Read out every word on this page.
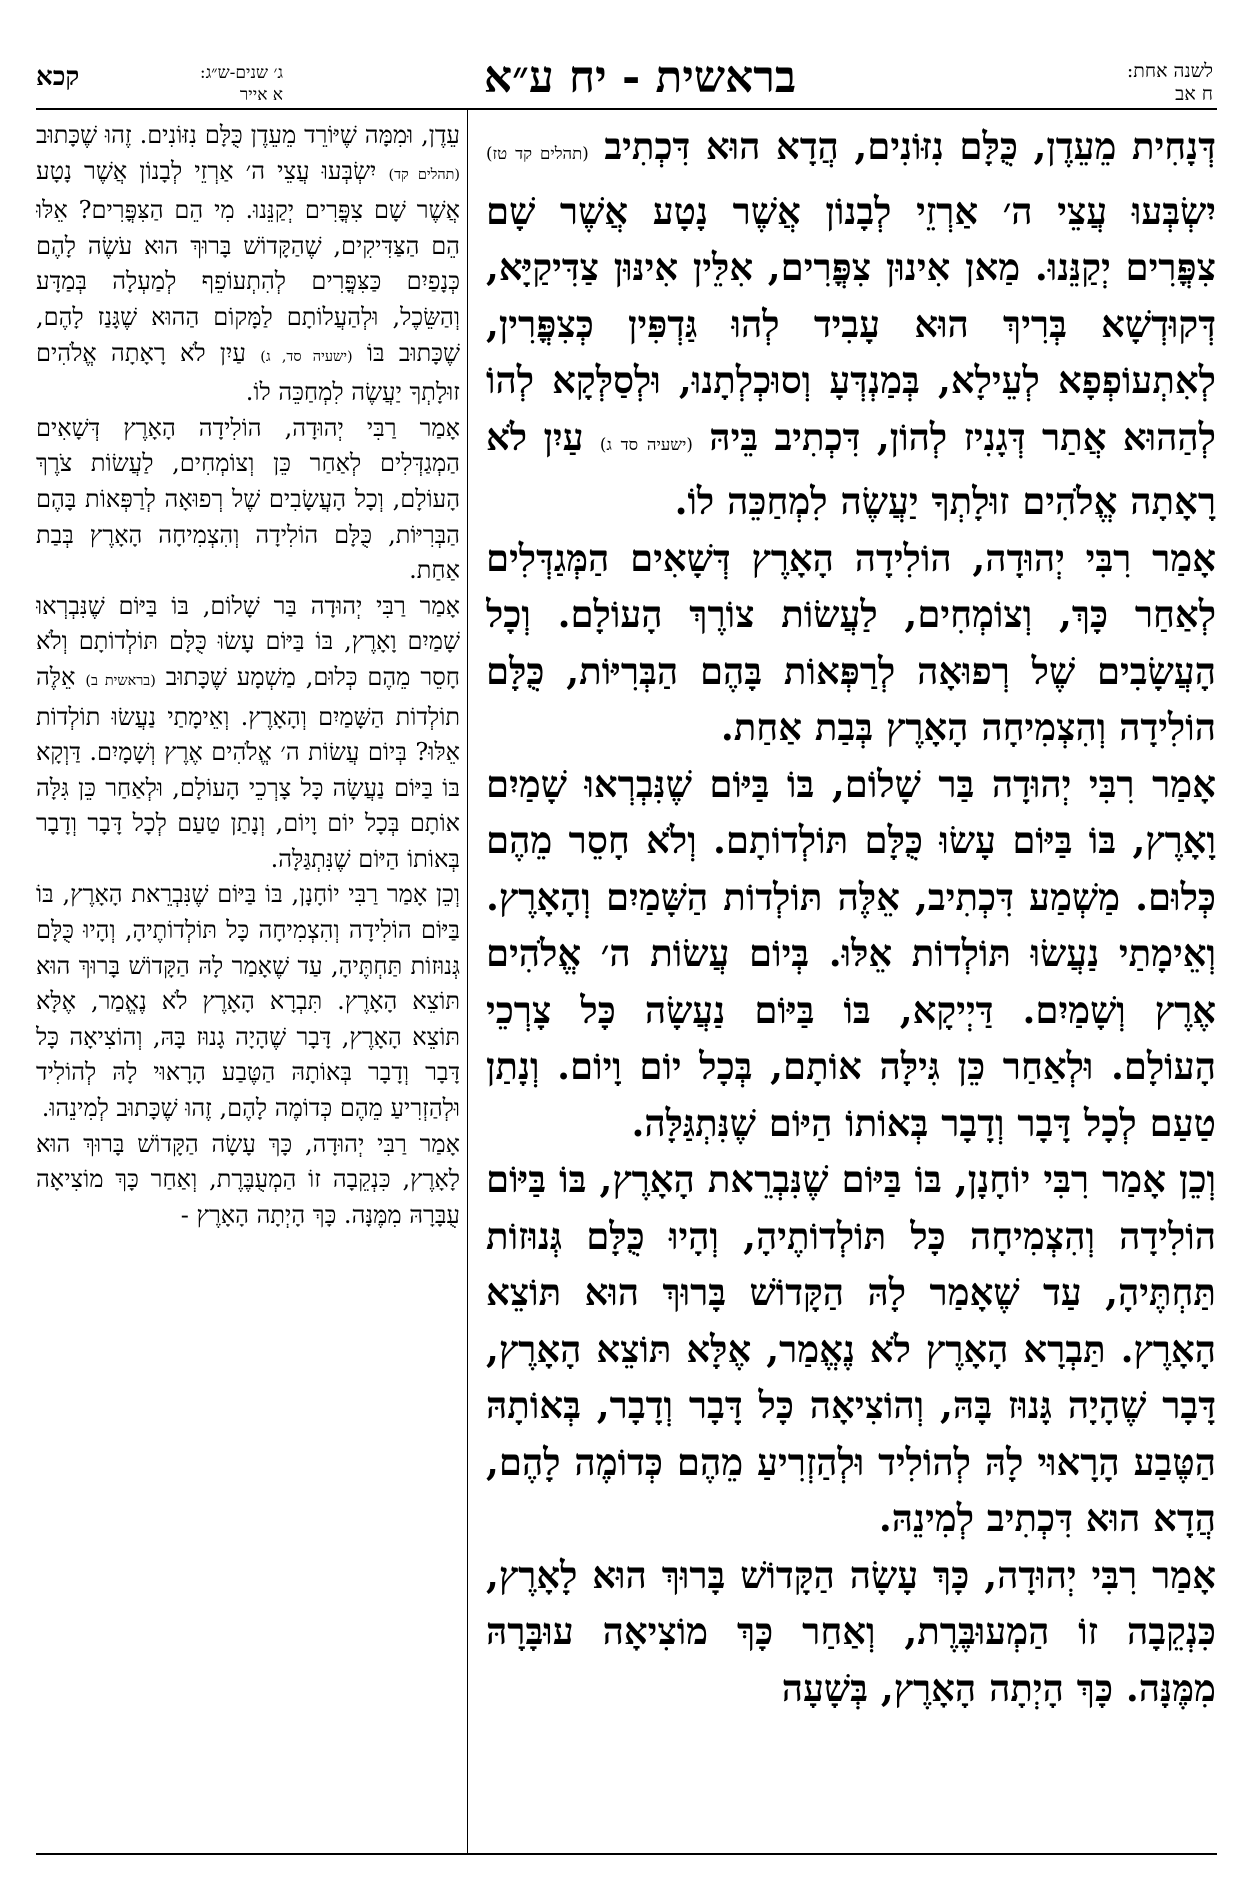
קכא	ג׳ שנים-ש״ג:
א אייר	בראשית - יח ע״א	לשנה אחת:
ח אב

דְּנָחִית מֵעֵדֶן, כֻּלָּם נִזּוֹנִים, הֲדָא הוּא דִּכְתִיב (תהלים קד טז) יִשְׂבְּעוּ עֲצֵי ה׳ אַרְזֵי לְבָנוֹן אֲשֶׁר נָטָע אֲשֶׁר שָׁם צִפֳּרִים יְקַנֵּנוּ. מַאן אִינוּן צִפֳּרִים, אִלֵּין אִינּוּן צַדִּיקַיָּא, דְּקוּדְשָׁא בְּרִיךְ הוּא עָבִיד לְהוּ גַּדְפִּין כְּצִפֳּרִין, לְאִתְעוֹפְפָא לְעֵילָא, בְּמַנְדְּעָ וְסוּכְלְתָנוּ, וּלְסַלְּקָא לְהוֹ לְהַהוּא אֲתַר דְּגָנִיז לְהוֹן, דִּכְתִיב בֵּיהּ (ישעיה סד ג) עַיִן לֹא רָאָתָה אֱלֹהִים זוּלָתְךָ יַעֲשֶׂה לִמְחַכֵּה לוֹ.

אָמַר רִבִּי יְהוּדָה, הוֹלִידָה הָאָרֶץ דְּשָׁאִים הַמְּגַדְּלִים לְאַחַר כָּךְ, וְצוֹמְחִים, לַעֲשׂוֹת צוֹרֶךְ הָעוֹלָם. וְכָל הָעֲשָׂבִים שֶׁל רְפוּאָה לְרַפְּאוֹת בָּהֶם הַבְּרִיּוֹת, כֻּלָּם הוֹלִידָה וְהִצְמִיחָה הָאָרֶץ בְּבַת אַחַת.

אָמַר רִבִּי יְהוּדָה בַּר שָׁלוֹם, בּוֹ בַּיּוֹם שֶׁנִּבְרְאוּ שָׁמַיִם וָאָרֶץ, בּוֹ בַּיּוֹם עָשׂוּ כֻּלָּם תּוֹלְדוֹתָם. וְלֹא חָסֵר מֵהֶם כְּלוּם. מַשְׁמַע דִּכְתִיב, אֵלֶּה תּוֹלְדוֹת הַשָּׁמַיִם וְהָאָרֶץ. וְאֵימָתַי נַעֲשׂוּ תּוֹלְדוֹת אֵלּוּ. בְּיוֹם עֲשׂוֹת ה׳ אֱלֹהִים אֶרֶץ וְשָׁמַיִם. דַּיְיקָא, בּוֹ בַּיּוֹם נַעֲשָׂה כָּל צָרְכֵי הָעוֹלָם. וּלְאַחַר כֵּן גִּילָּה אוֹתָם, בְּכָל יוֹם וָיוֹם. וְנָתַן טַעַם לְכָל דָּבָר וְדָבָר בְּאוֹתוֹ הַיּוֹם שֶׁנִּתְגַּלָּה.

וְכֵן אָמַר רִבִּי יוֹחָנָן, בּוֹ בַּיּוֹם שֶׁנִּבְרֵאת הָאָרֶץ, בּוֹ בַּיּוֹם הוֹלִידָה וְהִצְמִיחָה כָּל תּוֹלְדוֹתֶיהָ, וְהָיוּ כֻּלָּם גְּנוּזוֹת תַּחְתֶּיהָ, עַד שֶׁאָמַר לָהּ הַקָּדוֹשׁ בָּרוּךְ הוּא תּוֹצֵא הָאָרֶץ. תַּבְרָא הָאָרֶץ לֹא נֶאֱמַר, אֶלָּא תּוֹצֵא הָאָרֶץ, דָּבָר שֶׁהָיָה גָּנוּז בָּהּ, וְהוֹצִיאָה כָּל דָּבָר וְדָבָר, בְּאוֹתָהּ הַטֶּבַע הָרָאוּי לָהּ לְהוֹלִיד וּלְהַזְרִיעַ מֵהֶם כְּדוֹמֶה לָהֶם, הֲדָא הוּא דִּכְתִיב לְמִינֵהּ.

אָמַר רִבִּי יְהוּדָה, כָּךְ עָשָׂה הַקָּדוֹשׁ בָּרוּךְ הוּא לָאָרֶץ, כִּנְקֵבָה זוֹ הַמְעוּבֶּרֶת, וְאַחַר כָּךְ מוֹצִיאָה עוּבָּרָהּ מִמֶּנָּה. כָּךְ הָיְתָה הָאָרֶץ, בְּשָׁעָה

עֵדֶן, וּמִמָּה שֶׁיּוֹרֵד מֵעֵדֶן כֻּלָּם נִזּוֹנִים. זֶהוּ שֶׁכָּתוּב (תהלים קד) יִשְׂבְּעוּ עֲצֵי ה׳ אַרְזֵי לְבָנוֹן אֲשֶׁר נָטָע אֲשֶׁר שָׁם צִפֳּרִים יְקַנֵּנוּ. מִי הֵם הַצִּפֳּרִים? אֵלּוּ הֵם הַצַּדִּיקִים, שֶׁהַקָּדוֹשׁ בָּרוּךְ הוּא עֹשֶׂה לָהֶם כְּנָפַיִם כַּצִּפֳּרִים לְהִתְעוֹפֵף לְמַעְלָה בְּמַדָּע וְהַשֵּׂכֶל, וּלְהַעֲלוֹתָם לַמָּקוֹם הַהוּא שֶׁגָּנַז לָהֶם, שֶׁכָּתוּב בּוֹ (ישעיה סד, ג) עַיִן לֹא רָאָתָה אֱלֹהִים זוּלָתְךָ יַעֲשֶׂה לִמְחַכֵּה לוֹ.

אָמַר רַבִּי יְהוּדָה, הוֹלִידָה הָאָרֶץ דְּשָׁאִים הַמְגַדְּלִים לְאַחַר כֵּן וְצוֹמְחִים, לַעֲשׂוֹת צֹרֶךְ הָעוֹלָם, וְכָל הָעֲשָׂבִים שֶׁל רְפוּאָה לְרַפְּאוֹת בָּהֶם הַבְּרִיּוֹת, כֻּלָּם הוֹלִידָה וְהִצְמִיחָה הָאָרֶץ בְּבַת אַחַת.

אָמַר רַבִּי יְהוּדָה בַּר שָׁלוֹם, בּוֹ בַּיּוֹם שֶׁנִּבְרְאוּ שָׁמַיִם וָאָרֶץ, בּוֹ בַּיּוֹם עָשׂוּ כֻּלָּם תּוֹלְדוֹתָם וְלֹא חָסֵר מֵהֶם כְּלוּם, מַשְׁמָע שֶׁכָּתוּב (בראשית ב) אֵלֶּה תוֹלְדוֹת הַשָּׁמַיִם וְהָאָרֶץ. וְאֵימָתַי נַעֲשׂוּ תוֹלְדוֹת אֵלּוּ? בְּיוֹם עֲשׂוֹת ה׳ אֱלֹהִים אֶרֶץ וְשָׁמָיִם. דַּוְקָא בּוֹ בַּיּוֹם נַעֲשָׂה כָּל צָרְכֵי הָעוֹלָם, וּלְאַחַר כֵּן גִּלָּה אוֹתָם בְּכָל יוֹם וָיוֹם, וְנָתַן טַעַם לְכָל דָּבָר וְדָבָר בְּאוֹתוֹ הַיּוֹם שֶׁנִּתְגַּלָּה.

וְכֵן אָמַר רַבִּי יוֹחָנָן, בּוֹ בַּיּוֹם שֶׁנִּבְרֵאת הָאָרֶץ, בּוֹ בַּיּוֹם הוֹלִידָה וְהִצְמִיחָה כָּל תּוֹלְדוֹתֶיהָ, וְהָיוּ כֻּלָּם גְּנוּזוֹת תַּחְתֶּיהָ, עַד שֶׁאָמַר לָהּ הַקָּדוֹשׁ בָּרוּךְ הוּא תּוֹצֵא הָאָרֶץ. תִּבְרָא הָאָרֶץ לֹא נֶאֱמַר, אֶלָּא תּוֹצֵא הָאָרֶץ, דָּבָר שֶׁהָיָה גָנוּז בָּהּ, וְהוֹצִיאָה כָּל דָּבָר וְדָבָר בְּאוֹתָהּ הַטֶּבַע הָרָאוּי לָהּ לְהוֹלִיד וּלְהַזְרִיעַ מֵהֶם כְּדוֹמֶה לָהֶם, זֶהוּ שֶׁכָּתוּב לְמִינֵהוּ.

אָמַר רַבִּי יְהוּדָה, כָּךְ עָשָׂה הַקָּדוֹשׁ בָּרוּךְ הוּא לָאָרֶץ, כִּנְקֵבָה זוֹ הַמְעֻבֶּרֶת, וְאַחַר כָּךְ מוֹצִיאָה עֻבָּרָהּ מִמֶּנָּה. כָּךְ הָיְתָה הָאָרֶץ -
